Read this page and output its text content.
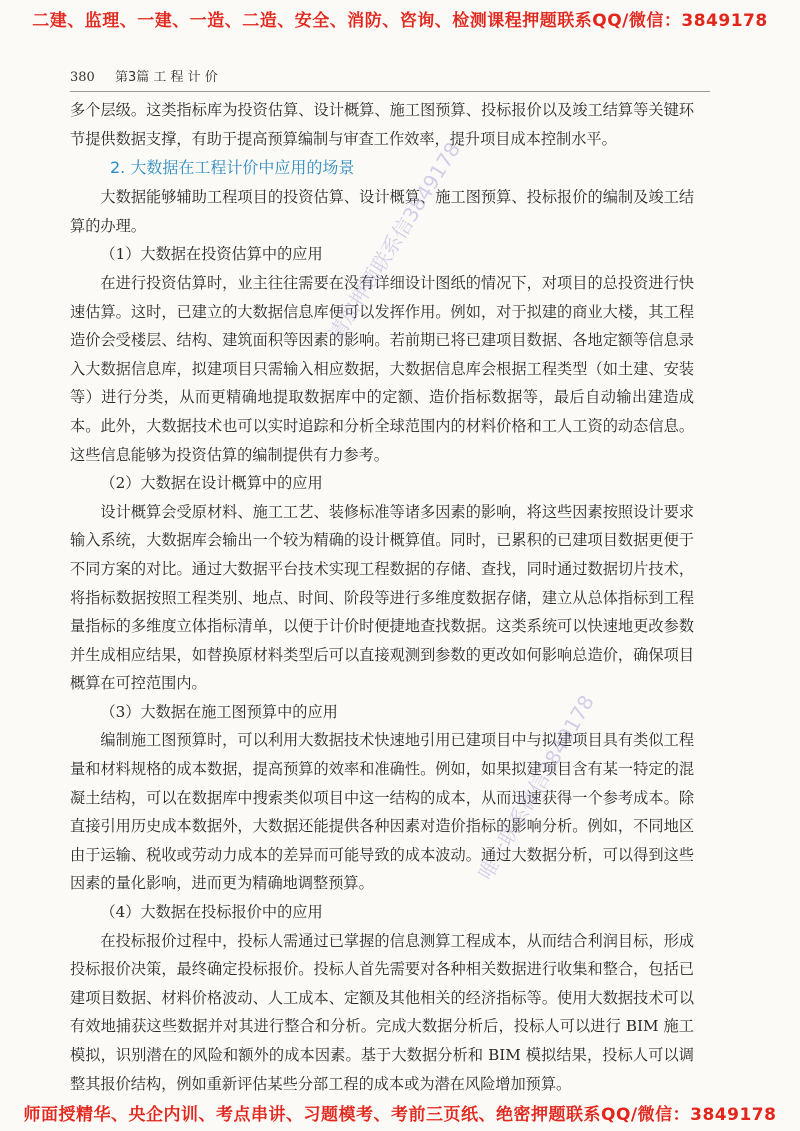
二建、监理、一建、一造、二造、安全、消防、咨询、检测课程押题联系QQ/微信：3849178
380 第3篇 工 程 计 价

多个层级。这类指标库为投资估算、设计概算、施工图预算、投标报价以及竣工结算等关键环节提供数据支撑，有助于提高预算编制与审查工作效率，提升项目成本控制水平。

2. 大数据在工程计价中应用的场景

大数据能够辅助工程项目的投资估算、设计概算、施工图预算、投标报价的编制及竣工结算的办理。

（1）大数据在投资估算中的应用

在进行投资估算时，业主往往需要在没有详细设计图纸的情况下，对项目的总投资进行快速估算。这时，已建立的大数据信息库便可以发挥作用。例如，对于拟建的商业大楼，其工程造价会受楼层、结构、建筑面积等因素的影响。若前期已将已建项目数据、各地定额等信息录入大数据信息库，拟建项目只需输入相应数据，大数据信息库会根据工程类型（如土建、安装等）进行分类，从而更精确地提取数据库中的定额、造价指标数据等，最后自动输出建造成本。此外，大数据技术也可以实时追踪和分析全球范围内的材料价格和工人工资的动态信息。这些信息能够为投资估算的编制提供有力参考。

（2）大数据在设计概算中的应用

设计概算会受原材料、施工工艺、装修标准等诸多因素的影响，将这些因素按照设计要求输入系统，大数据库会输出一个较为精确的设计概算值。同时，已累积的已建项目数据更便于不同方案的对比。通过大数据平台技术实现工程数据的存储、查找，同时通过数据切片技术，将指标数据按照工程类别、地点、时间、阶段等进行多维度数据存储，建立从总体指标到工程量指标的多维度立体指标清单，以便于计价时便捷地查找数据。这类系统可以快速地更改参数并生成相应结果，如替换原材料类型后可以直接观测到参数的更改如何影响总造价，确保项目概算在可控范围内。

（3）大数据在施工图预算中的应用

编制施工图预算时，可以利用大数据技术快速地引用已建项目中与拟建项目具有类似工程量和材料规格的成本数据，提高预算的效率和准确性。例如，如果拟建项目含有某一特定的混凝土结构，可以在数据库中搜索类似项目中这一结构的成本，从而迅速获得一个参考成本。除直接引用历史成本数据外，大数据还能提供各种因素对造价指标的影响分析。例如，不同地区由于运输、税收或劳动力成本的差异而可能导致的成本波动。通过大数据分析，可以得到这些因素的量化影响，进而更为精确地调整预算。

（4）大数据在投标报价中的应用

在投标报价过程中，投标人需通过已掌握的信息测算工程成本，从而结合利润目标，形成投标报价决策，最终确定投标报价。投标人首先需要对各种相关数据进行收集和整合，包括已建项目数据、材料价格波动、人工成本、定额及其他相关的经济指标等。使用大数据技术可以有效地捕获这些数据并对其进行整合和分析。完成大数据分析后，投标人可以进行 BIM 施工模拟，识别潜在的风险和额外的成本因素。基于大数据分析和 BIM 模拟结果，投标人可以调整其报价结构，例如重新评估某些分部工程的成本或为潜在风险增加预算。

请加押题联系信3849178
唯一联系微信3849178
师面授精华、央企内训、考点串讲、习题模考、考前三页纸、绝密押题联系QQ/微信：3849178
